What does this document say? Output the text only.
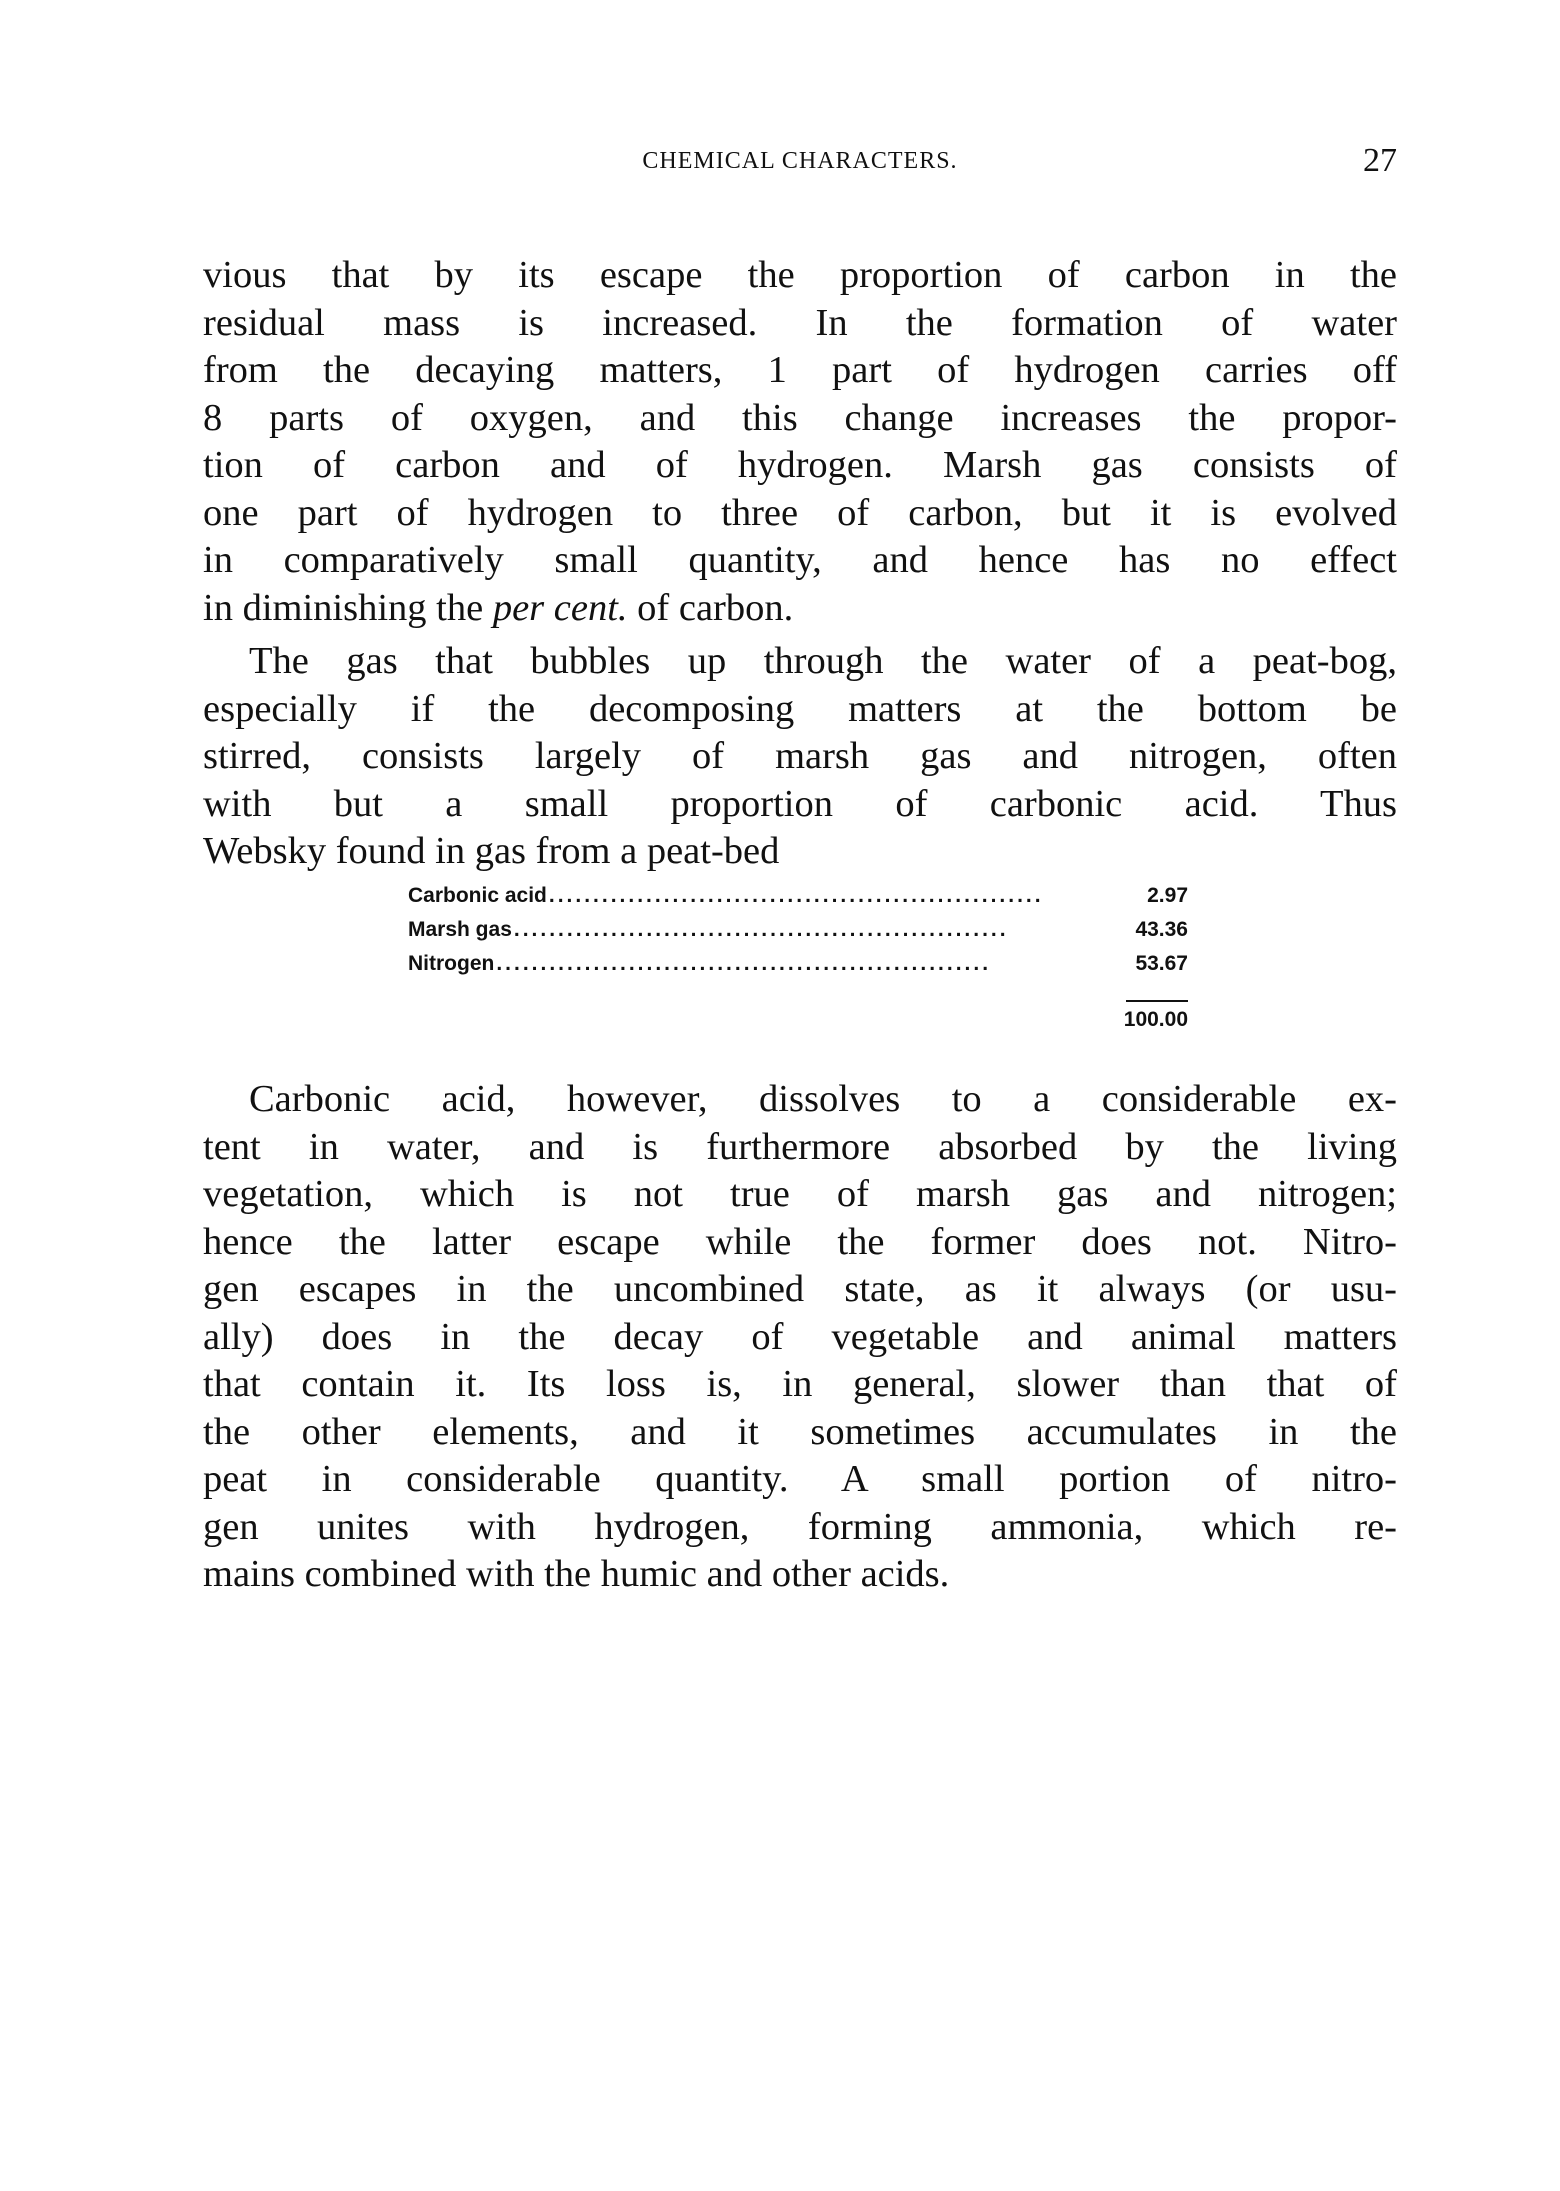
CHEMICAL CHARACTERS.	27
vious that by its escape the proportion of carbon in the
residual mass is increased. In the formation of water
from the decaying matters, 1 part of hydrogen carries off
8 parts of oxygen, and this change increases the propor-
tion of carbon and of hydrogen. Marsh gas consists of
one part of hydrogen to three of carbon, but it is evolved
in comparatively small quantity, and hence has no effect
in diminishing the per cent. of carbon.
The gas that bubbles up through the water of a peat-bog,
especially if the decomposing matters at the bottom be
stirred, consists largely of marsh gas and nitrogen, often
with but a small proportion of carbonic acid. Thus
Websky found in gas from a peat-bed
Carbonic acid ........................................................	2.97
Marsh gas ........................................................	43.36
Nitrogen ........................................................	53.67
100.00
Carbonic acid, however, dissolves to a considerable ex-
tent in water, and is furthermore absorbed by the living
vegetation, which is not true of marsh gas and nitrogen;
hence the latter escape while the former does not. Nitro-
gen escapes in the uncombined state, as it always (or usu-
ally) does in the decay of vegetable and animal matters
that contain it. Its loss is, in general, slower than that of
the other elements, and it sometimes accumulates in the
peat in considerable quantity. A small portion of nitro-
gen unites with hydrogen, forming ammonia, which re-
mains combined with the humic and other acids.
